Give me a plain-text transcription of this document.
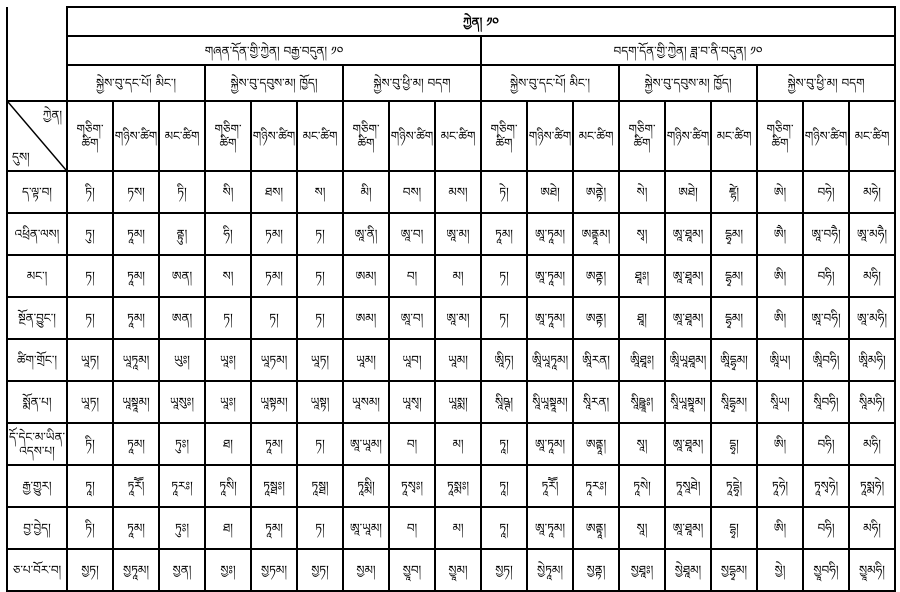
	ཀྱེན། ༡༠																	
	གཞན་དོན་གྱི་ཀྱེན། བརྒྱ་བདུན། ༡༠									བདག་དོན་གྱི་ཀྱེན། ཟླ་བ་ནི་བདུན། ༡༠								
	སྐྱེས་བུ་དང་པོ། མིང་།			སྐྱེས་བུ་དབུས་མ། ཁྱོད།			སྐྱེས་བུ་ཕྱི་མ། བདག			སྐྱེས་བུ་དང་པོ། མིང་།			སྐྱེས་བུ་དབུས་མ། ཁྱོད།			སྐྱེས་བུ་ཕྱི་མ། བདག		

ཀྱེན།
དུས།	གཅིག་ཚིག	གཉིས་ཚིག	མང་ཚིག	གཅིག་ཚིག	གཉིས་ཚིག	མང་ཚིག	གཅིག་ཚིག	གཉིས་ཚིག	མང་ཚིག	གཅིག་ཚིག	གཉིས་ཚིག	མང་ཚིག	གཅིག་ཚིག	གཉིས་ཚིག	མང་ཚིག	གཅིག་ཚིག	གཉིས་ཚིག	མང་ཚིག
ད་ལྟ་བ།	ཏི།	ཏས།	ཏི།	སི།	ཐས།	ས།	མི།	བས།	མས།	ཏེ།	ཨཐེ།	ཨནྟེ།	སེ།	ཨཐེ།	ཛྷེ།	ཨེ།	བཧེ།	མཧེ།
འཕྲིན་ལས།	ཏུ།	ཏཱམ།	ནྟུ།	ཧི།	ཏམ།	ཏ།	ཨཱ་ནི།	ཨཱ་བ།	ཨཱ་མ།	ཏཱམ།	ཨཱ་ཏཱམ།	ཨནྟཱམ།	སྭ།	ཨཱ་ཐཱམ།	དྷྭམ།	ཨཻ།	ཨཱ་བཧཻ།	ཨཱ་མཧཻ།
མང་།	ཏ།	ཏཱམ།	ཨན།	ས།	ཏམ།	ཏ།	ཨམ།	བ།	མ།	ཏ།	ཨཱ་ཏཱམ།	ཨནྟ།	ཐཱཿ།	ཨཱ་ཐཱམ།	དྷྭམ།	ཨི།	བཧི།	མཧི།
སྔོན་བྱུང་།	ཏ།	ཏཱམ།	ཨན།	ཏ།	ཏ།	ཏ།	ཨམ།	ཨཱ་བ།	ཨཱ་མ།	ཏ།	ཨཱ་ཏཱམ།	ཨནྟ།	ཐཱ།	ཨཱ་ཐཱམ།	དྷྭམ།	ཨི།	ཨཱ་བཧི།	ཨཱ་མཧི།
ཚིག་གྲོང་།	ཡཱཏ།	ཡཱཏཱམ།	ཡུཿ།	ཡཱཿ།	ཡཱཏམ།	ཡཱཏ།	ཡཱམ།	ཡཱབ།	ཡཱམ།	ཨཱིཏ།	ཨཱིཡཱཏཱམ།	ཨཱིརན།	ཨཱིཐཱཿ།	ཨཱིཡཱཐཱམ།	ཨཱིདྷྭམ།	ཨཱིཡ།	ཨཱིབཧི།	ཨཱིམཧི།
སྨོན་པ།	ཡཱཏ།	ཡཱསྟཱམ།	ཡཱསུཿ།	ཡཱཿ།	ཡཱསྟམ།	ཡཱསྟ།	ཡཱསམ།	ཡཱསྭ།	ཡཱསྨ།	སཱིཥྚ།	སཱིཡཱསྟཱམ།	སཱིརན།	སཱིཥྛཱཿ།	སཱིཡཱསྟཱམ།	སཱིདྷྭམ།	སཱིཡ།	སཱིབཧི།	སཱིམཧི།
དོ་དེང་མ་ཡིན་འདས་པ།	ཏི།	ཏཱམ།	ཏུཿ།	ཐ།	ཏཱམ།	ཏ།	ཨཱ་ཡཱམ།	བ།	མ།	ཏཱ།	ཨཱ་ཏཱམ།	ཨནྟཱ།	སཱ།	ཨཱ་ཐཱམ།	དྷྭ།	ཨི།	བཧི།	མཧི།
རྒྱ་གྱུར།	ཏཱ།	ཏཱརཽ།	ཏཱརཿ།	ཏཱསི།	ཏཱསྠཿ།	ཏཱསྠ།	ཏཱསྨི།	ཏཱསྭཿ།	ཏཱསྨཿ།	ཏཱ།	ཏཱརཽ།	ཏཱརཿ།	ཏཱསེ།	ཏཱསཱཐེ།	ཏཱདྷྭེ།	ཏཱཧེ།	ཏཱསྭཧེ།	ཏཱསྨཧེ།
བྱ་བྱེད།	ཏི།	ཏཱམ།	ཏུཿ།	ཐ།	ཏཱམ།	ཏ།	ཨཱ་ཡཱམ།	བ།	མ།	ཏཱ།	ཨཱ་ཏཱམ།	ཨནྟཱ།	སཱ།	ཨཱ་ཐཱམ།	དྷྭ།	ཨི།	བཧི།	མཧི།
ཅ་པ་བོར་བ།	སྱཏ།	སྱཏཱམ།	སྱན།	སྱཿ།	སྱཏམ།	སྱཏ།	སྱམ།	སྱཱབ།	སྱཱམ།	སྱཏ།	སྱེཏཱམ།	སྱནྟ།	སྱཐཱཿ།	སྱེཐཱམ།	སྱདྷྭམ།	སྱེ།	སྱཱབཧི།	སྱཱམཧི།
